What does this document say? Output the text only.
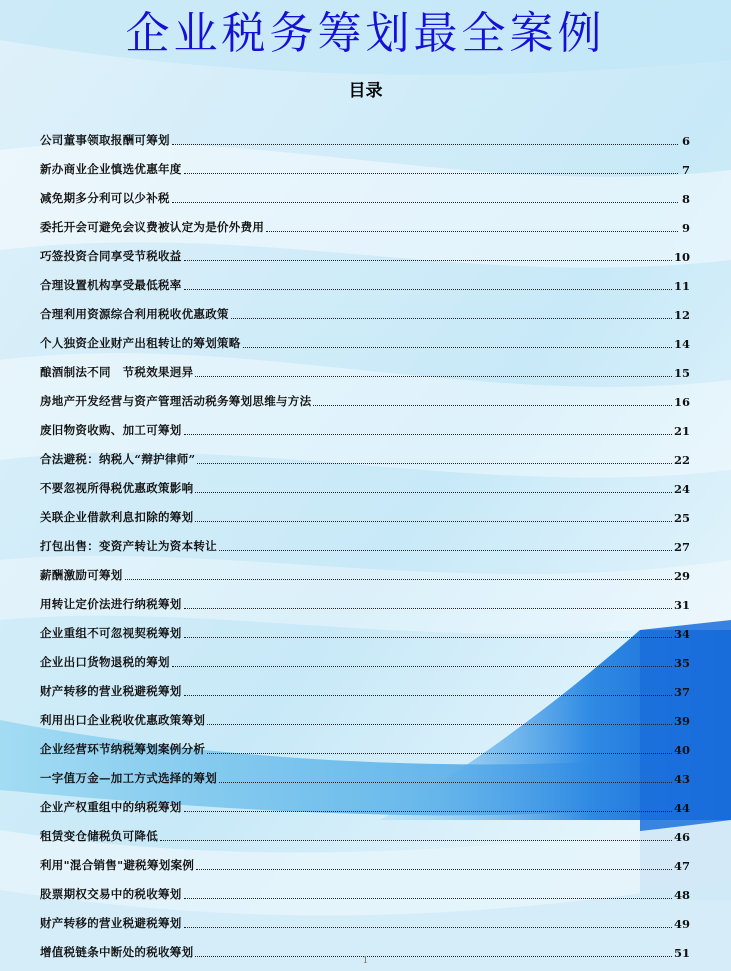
企业税务筹划最全案例
目录
公司董事领取报酬可筹划	6
新办商业企业慎选优惠年度	7
减免期多分利可以少补税	8
委托开会可避免会议费被认定为是价外费用	9
巧签投资合同享受节税收益	10
合理设置机构享受最低税率	11
合理利用资源综合利用税收优惠政策	12
个人独资企业财产出租转让的筹划策略	14
酿酒制法不同　节税效果迥异	15
房地产开发经营与资产管理活动税务筹划思维与方法	16
废旧物资收购、加工可筹划	21
合法避税：纳税人“辩护律师”	22
不要忽视所得税优惠政策影响	24
关联企业借款利息扣除的筹划	25
打包出售：变资产转让为资本转让	27
薪酬激励可筹划	29
用转让定价法进行纳税筹划	31
企业重组不可忽视契税筹划	34
企业出口货物退税的筹划	35
财产转移的营业税避税筹划	37
利用出口企业税收优惠政策筹划	39
企业经营环节纳税筹划案例分析	40
一字值万金—加工方式选择的筹划	43
企业产权重组中的纳税筹划	44
租赁变仓储税负可降低	46
利用"混合销售"避税筹划案例	47
股票期权交易中的税收筹划	48
财产转移的营业税避税筹划	49
增值税链条中断处的税收筹划	51
1
